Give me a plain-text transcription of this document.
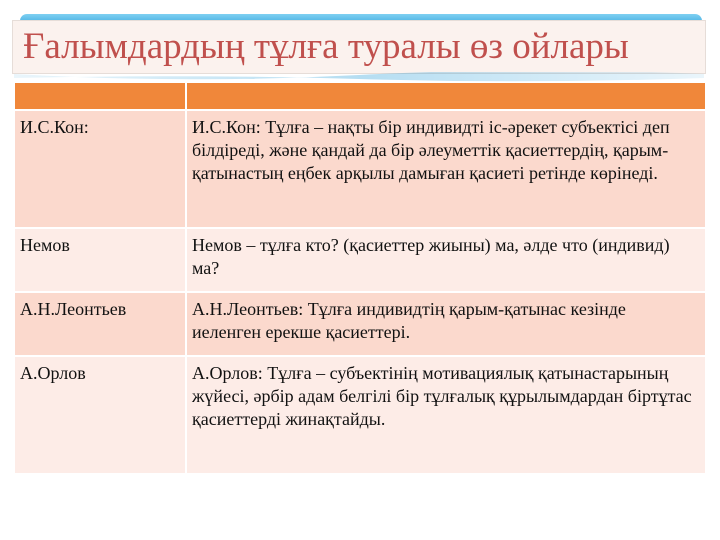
Ғалымдардың тұлға туралы өз ойлары

И.С.Кон:	И.С.Кон: Тұлға – нақты бір индивидті іс-әрекет субъектісі деп білдіреді, және қандай да бір әлеуметтік қасиеттердің, қарым-қатынастың еңбек арқылы дамыған қасиеті ретінде көрінеді.
Немов	Немов – тұлға кто? (қасиеттер жиыны) ма, әлде что (индивид) ма?
А.Н.Леонтьев	А.Н.Леонтьев: Тұлға индивидтің қарым-қатынас кезінде иеленген ерекше қасиеттері.
А.Орлов	А.Орлов: Тұлға – субъектінің мотивациялық қатынастарының жүйесі, әрбір адам белгілі бір тұлғалық құрылымдардан біртұтас қасиеттерді жинақтайды.
